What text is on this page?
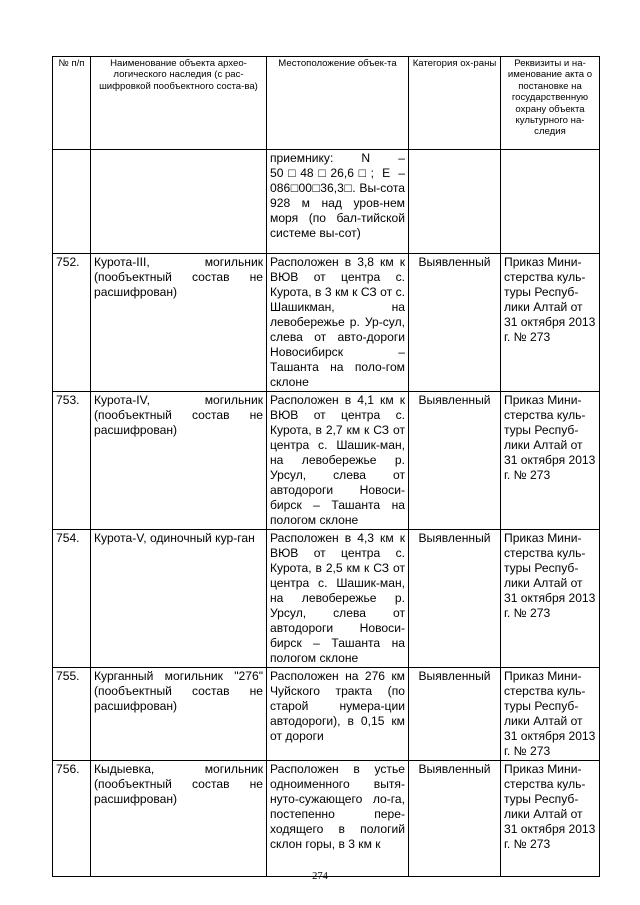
№ п/п	Наименование объекта архео-логического наследия (с рас-шифровкой пообъектного соста-ва)	Местоположение объек-та	Категория ох-раны	Реквизиты и на-именование акта о постановке на государственную охрану объекта культурного на-следия
		приемнику: N – 50□48□26,6□; E – 086□00□36,3□. Вы-сота 928 м над уров-нем моря (по бал-тийской системе вы-сот)		
752.	Курота-III, могильник (пообъектный состав не расшифрован)	Расположен в 3,8 км к ВЮВ от центра с. Курота, в 3 км к СЗ от с. Шашикман, на левобережье р. Ур-сул, слева от авто-дороги Новосибирск – Ташанта на поло-гом склоне	Выявленный	Приказ Мини-стерства куль-туры Респуб-лики Алтай от 31 октября 2013 г. № 273
753.	Курота-IV, могильник (пообъектный состав не расшифрован)	Расположен в 4,1 км к ВЮВ от центра с. Курота, в 2,7 км к СЗ от центра с. Шашик-ман, на левобережье р. Урсул, слева от автодороги Новоси-бирск – Ташанта на пологом склоне	Выявленный	Приказ Мини-стерства куль-туры Респуб-лики Алтай от 31 октября 2013 г. № 273
754.	Курота-V, одиночный кур-ган	Расположен в 4,3 км к ВЮВ от центра с. Курота, в 2,5 км к СЗ от центра с. Шашик-ман, на левобережье р. Урсул, слева от автодороги Новоси-бирск – Ташанта на пологом склоне	Выявленный	Приказ Мини-стерства куль-туры Респуб-лики Алтай от 31 октября 2013 г. № 273
755.	Курганный могильник "276" (пообъектный состав не расшифрован)	Расположен на 276 км Чуйского тракта (по старой нумера-ции автодороги), в 0,15 км от дороги	Выявленный	Приказ Мини-стерства куль-туры Респуб-лики Алтай от 31 октября 2013 г. № 273
756.	Кыдыевка, могильник (пообъектный состав не расшифрован)	Расположен в устье одноименного вытя-нуто-сужающего ло-га, постепенно пере-ходящего в пологий склон горы, в 3 км к	Выявленный	Приказ Мини-стерства куль-туры Респуб-лики Алтай от 31 октября 2013 г. № 273
274
